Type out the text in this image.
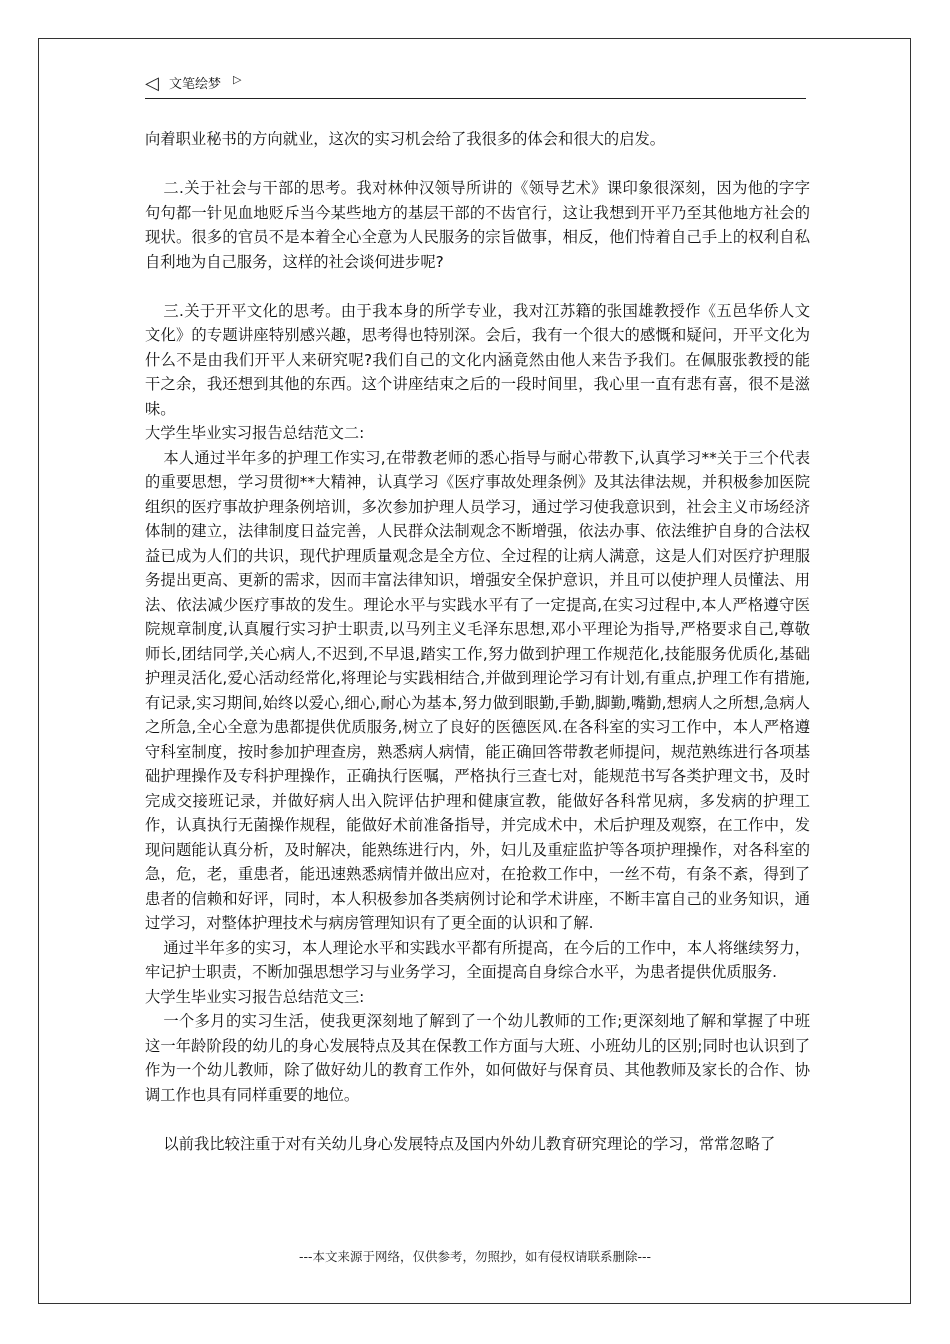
◁ 文笔绘梦 ▷

向着职业秘书的方向就业，这次的实习机会给了我很多的体会和很大的启发。

二.关于社会与干部的思考。我对林仲汉领导所讲的《领导艺术》课印象很深刻，因为他的字字句句都一针见血地贬斥当今某些地方的基层干部的不齿官行，这让我想到开平乃至其他地方社会的现状。很多的官员不是本着全心全意为人民服务的宗旨做事，相反，他们恃着自己手上的权利自私自利地为自己服务，这样的社会谈何进步呢?

三.关于开平文化的思考。由于我本身的所学专业，我对江苏籍的张国雄教授作《五邑华侨人文文化》的专题讲座特别感兴趣，思考得也特别深。会后，我有一个很大的感慨和疑问，开平文化为什么不是由我们开平人来研究呢?我们自己的文化内涵竟然由他人来告予我们。在佩服张教授的能干之余，我还想到其他的东西。这个讲座结束之后的一段时间里，我心里一直有悲有喜，很不是滋味。

大学生毕业实习报告总结范文二:

本人通过半年多的护理工作实习,在带教老师的悉心指导与耐心带教下,认真学习**关于三个代表的重要思想，学习贯彻**大精神，认真学习《医疗事故处理条例》及其法律法规，并积极参加医院组织的医疗事故护理条例培训，多次参加护理人员学习，通过学习使我意识到，社会主义市场经济体制的建立，法律制度日益完善，人民群众法制观念不断增强，依法办事、依法维护自身的合法权益已成为人们的共识，现代护理质量观念是全方位、全过程的让病人满意，这是人们对医疗护理服务提出更高、更新的需求，因而丰富法律知识，增强安全保护意识，并且可以使护理人员懂法、用法、依法减少医疗事故的发生。理论水平与实践水平有了一定提高,在实习过程中,本人严格遵守医院规章制度,认真履行实习护士职责,以马列主义毛泽东思想,邓小平理论为指导,严格要求自己,尊敬师长,团结同学,关心病人,不迟到,不早退,踏实工作,努力做到护理工作规范化,技能服务优质化,基础护理灵活化,爱心活动经常化,将理论与实践相结合,并做到理论学习有计划,有重点,护理工作有措施,有记录,实习期间,始终以爱心,细心,耐心为基本,努力做到眼勤,手勤,脚勤,嘴勤,想病人之所想,急病人之所急,全心全意为患都提供优质服务,树立了良好的医德医风.在各科室的实习工作中，本人严格遵守科室制度，按时参加护理查房，熟悉病人病情，能正确回答带教老师提问，规范熟练进行各项基础护理操作及专科护理操作，正确执行医嘱，严格执行三查七对，能规范书写各类护理文书，及时完成交接班记录，并做好病人出入院评估护理和健康宣教，能做好各科常见病，多发病的护理工作，认真执行无菌操作规程，能做好术前准备指导，并完成术中，术后护理及观察，在工作中，发现问题能认真分析，及时解决，能熟练进行内，外，妇儿及重症监护等各项护理操作，对各科室的急，危，老，重患者，能迅速熟悉病情并做出应对，在抢救工作中，一丝不苟，有条不紊，得到了患者的信赖和好评，同时，本人积极参加各类病例讨论和学术讲座，不断丰富自己的业务知识，通过学习，对整体护理技术与病房管理知识有了更全面的认识和了解.

通过半年多的实习，本人理论水平和实践水平都有所提高，在今后的工作中，本人将继续努力，牢记护士职责，不断加强思想学习与业务学习，全面提高自身综合水平，为患者提供优质服务.

大学生毕业实习报告总结范文三:

一个多月的实习生活，使我更深刻地了解到了一个幼儿教师的工作;更深刻地了解和掌握了中班这一年龄阶段的幼儿的身心发展特点及其在保教工作方面与大班、小班幼儿的区别;同时也认识到了作为一个幼儿教师，除了做好幼儿的教育工作外，如何做好与保育员、其他教师及家长的合作、协调工作也具有同样重要的地位。

以前我比较注重于对有关幼儿身心发展特点及国内外幼儿教育研究理论的学习，常常忽略了

---本文来源于网络，仅供参考，勿照抄，如有侵权请联系删除---
